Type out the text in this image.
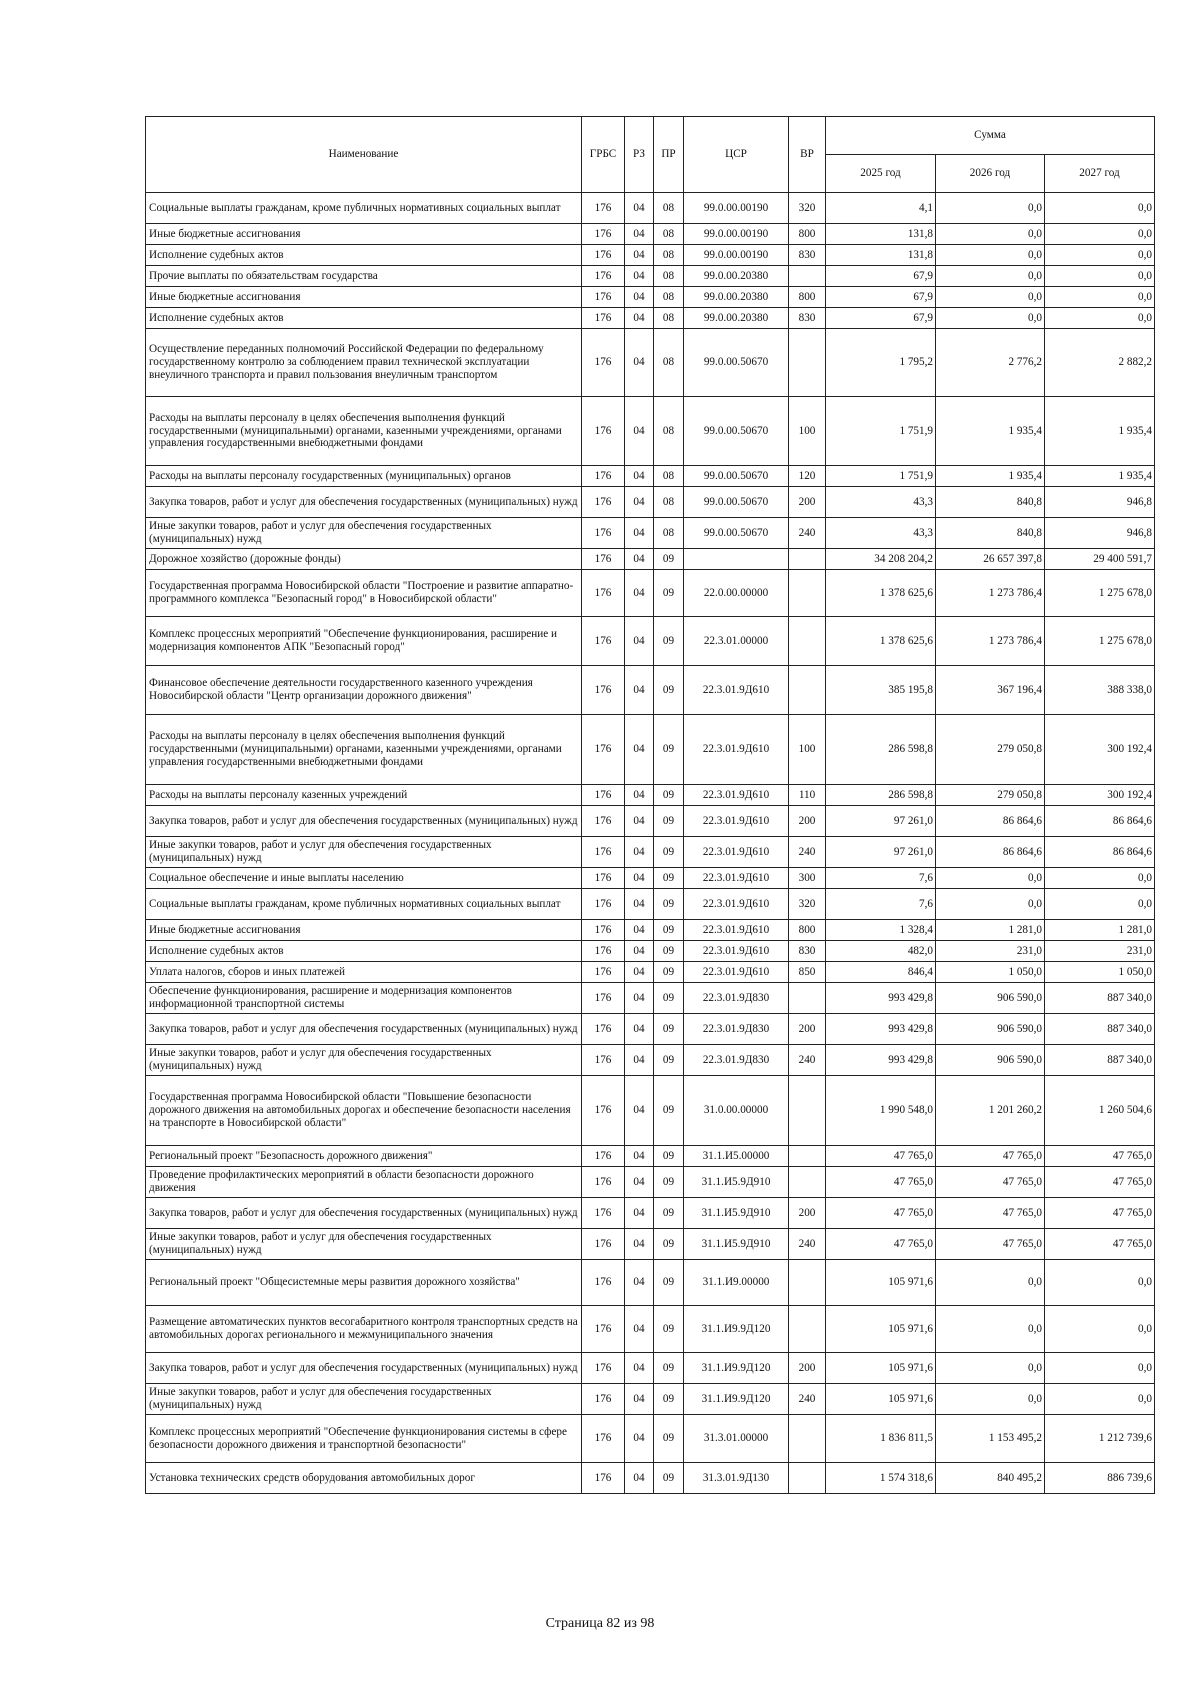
Наименование	ГРБС	РЗ	ПР	ЦСР	ВР	Сумма		
						2025 год	2026 год	2027 год
Социальные выплаты гражданам, кроме публичных нормативных социальных выплат	176	04	08	99.0.00.00190	320	4,1	0,0	0,0
Иные бюджетные ассигнования	176	04	08	99.0.00.00190	800	131,8	0,0	0,0
Исполнение судебных актов	176	04	08	99.0.00.00190	830	131,8	0,0	0,0
Прочие выплаты по обязательствам государства	176	04	08	99.0.00.20380		67,9	0,0	0,0
Иные бюджетные ассигнования	176	04	08	99.0.00.20380	800	67,9	0,0	0,0
Исполнение судебных актов	176	04	08	99.0.00.20380	830	67,9	0,0	0,0
Осуществление переданных полномочий Российской Федерации по федеральному государственному контролю за соблюдением правил технической эксплуатации внеуличного транспорта и правил пользования внеуличным транспортом	176	04	08	99.0.00.50670		1 795,2	2 776,2	2 882,2
Расходы на выплаты персоналу в целях обеспечения выполнения функций государственными (муниципальными) органами, казенными учреждениями, органами управления государственными внебюджетными фондами	176	04	08	99.0.00.50670	100	1 751,9	1 935,4	1 935,4
Расходы на выплаты персоналу государственных (муниципальных) органов	176	04	08	99.0.00.50670	120	1 751,9	1 935,4	1 935,4
Закупка товаров, работ и услуг для обеспечения государственных (муниципальных) нужд	176	04	08	99.0.00.50670	200	43,3	840,8	946,8
Иные закупки товаров, работ и услуг для обеспечения государственных (муниципальных) нужд	176	04	08	99.0.00.50670	240	43,3	840,8	946,8
Дорожное хозяйство (дорожные фонды)	176	04	09			34 208 204,2	26 657 397,8	29 400 591,7
Государственная программа Новосибирской области "Построение и развитие аппаратно-программного комплекса "Безопасный город" в Новосибирской области"	176	04	09	22.0.00.00000		1 378 625,6	1 273 786,4	1 275 678,0
Комплекс процессных мероприятий "Обеспечение функционирования, расширение и модернизация компонентов АПК "Безопасный город"	176	04	09	22.3.01.00000		1 378 625,6	1 273 786,4	1 275 678,0
Финансовое обеспечение деятельности государственного казенного учреждения Новосибирской области "Центр организации дорожного движения"	176	04	09	22.3.01.9Д610		385 195,8	367 196,4	388 338,0
Расходы на выплаты персоналу в целях обеспечения выполнения функций государственными (муниципальными) органами, казенными учреждениями, органами управления государственными внебюджетными фондами	176	04	09	22.3.01.9Д610	100	286 598,8	279 050,8	300 192,4
Расходы на выплаты персоналу казенных учреждений	176	04	09	22.3.01.9Д610	110	286 598,8	279 050,8	300 192,4
Закупка товаров, работ и услуг для обеспечения государственных (муниципальных) нужд	176	04	09	22.3.01.9Д610	200	97 261,0	86 864,6	86 864,6
Иные закупки товаров, работ и услуг для обеспечения государственных (муниципальных) нужд	176	04	09	22.3.01.9Д610	240	97 261,0	86 864,6	86 864,6
Социальное обеспечение и иные выплаты населению	176	04	09	22.3.01.9Д610	300	7,6	0,0	0,0
Социальные выплаты гражданам, кроме публичных нормативных социальных выплат	176	04	09	22.3.01.9Д610	320	7,6	0,0	0,0
Иные бюджетные ассигнования	176	04	09	22.3.01.9Д610	800	1 328,4	1 281,0	1 281,0
Исполнение судебных актов	176	04	09	22.3.01.9Д610	830	482,0	231,0	231,0
Уплата налогов, сборов и иных платежей	176	04	09	22.3.01.9Д610	850	846,4	1 050,0	1 050,0
Обеспечение функционирования, расширение и модернизация компонентов информационной транспортной системы	176	04	09	22.3.01.9Д830		993 429,8	906 590,0	887 340,0
Закупка товаров, работ и услуг для обеспечения государственных (муниципальных) нужд	176	04	09	22.3.01.9Д830	200	993 429,8	906 590,0	887 340,0
Иные закупки товаров, работ и услуг для обеспечения государственных (муниципальных) нужд	176	04	09	22.3.01.9Д830	240	993 429,8	906 590,0	887 340,0
Государственная программа Новосибирской области "Повышение безопасности дорожного движения на автомобильных дорогах и обеспечение безопасности населения на транспорте в Новосибирской области"	176	04	09	31.0.00.00000		1 990 548,0	1 201 260,2	1 260 504,6
Региональный проект "Безопасность дорожного движения"	176	04	09	31.1.И5.00000		47 765,0	47 765,0	47 765,0
Проведение профилактических мероприятий в области безопасности дорожного движения	176	04	09	31.1.И5.9Д910		47 765,0	47 765,0	47 765,0
Закупка товаров, работ и услуг для обеспечения государственных (муниципальных) нужд	176	04	09	31.1.И5.9Д910	200	47 765,0	47 765,0	47 765,0
Иные закупки товаров, работ и услуг для обеспечения государственных (муниципальных) нужд	176	04	09	31.1.И5.9Д910	240	47 765,0	47 765,0	47 765,0
Региональный проект "Общесистемные меры развития дорожного хозяйства"	176	04	09	31.1.И9.00000		105 971,6	0,0	0,0
Размещение автоматических пунктов весогабаритного контроля транспортных средств на автомобильных дорогах регионального и межмуниципального значения	176	04	09	31.1.И9.9Д120		105 971,6	0,0	0,0
Закупка товаров, работ и услуг для обеспечения государственных (муниципальных) нужд	176	04	09	31.1.И9.9Д120	200	105 971,6	0,0	0,0
Иные закупки товаров, работ и услуг для обеспечения государственных (муниципальных) нужд	176	04	09	31.1.И9.9Д120	240	105 971,6	0,0	0,0
Комплекс процессных мероприятий "Обеспечение функционирования системы в сфере безопасности дорожного движения и транспортной безопасности"	176	04	09	31.3.01.00000		1 836 811,5	1 153 495,2	1 212 739,6
Установка технических средств оборудования автомобильных дорог	176	04	09	31.3.01.9Д130		1 574 318,6	840 495,2	886 739,6
Страница 82 из 98
